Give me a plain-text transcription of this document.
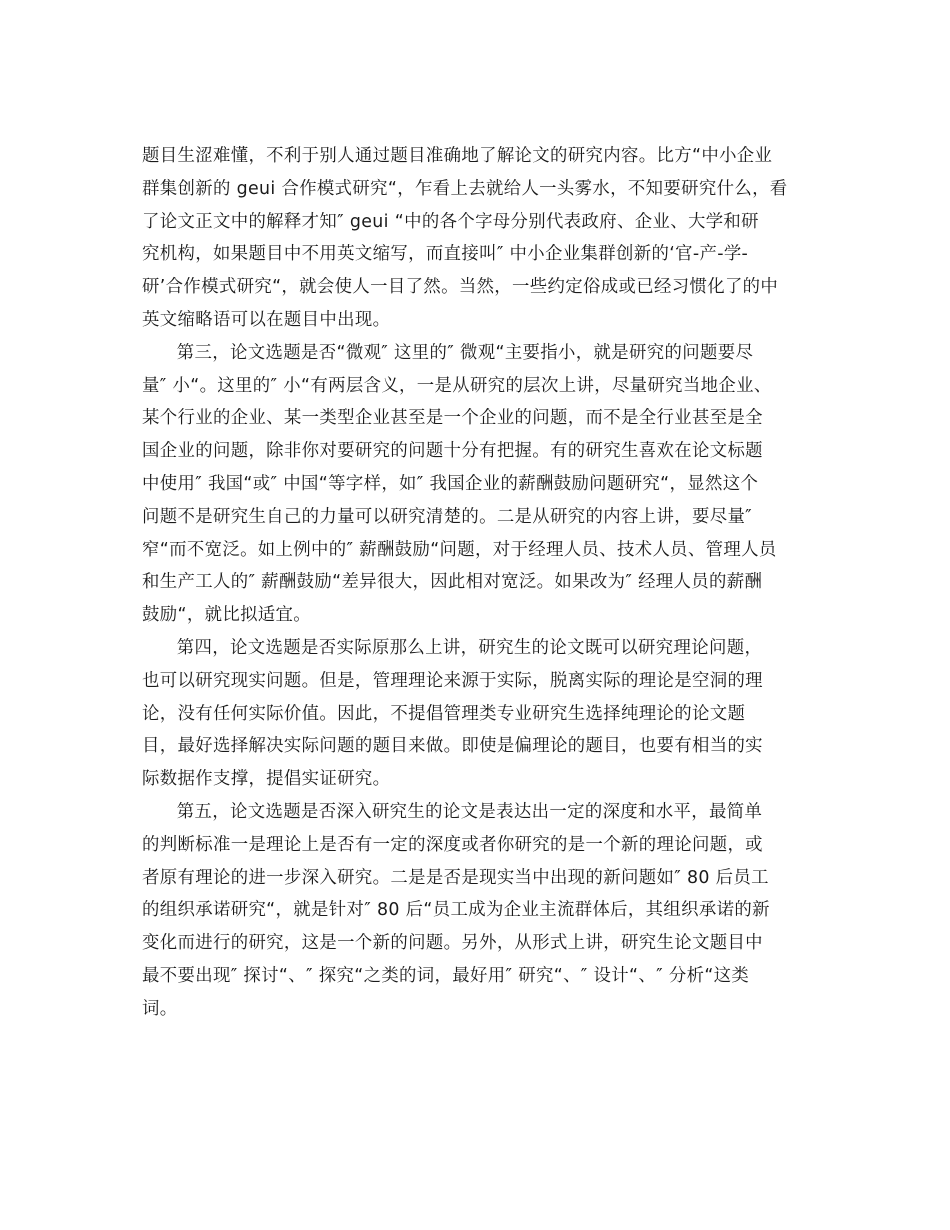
题目生涩难懂，不利于别人通过题目准确地了解论文的研究内容。比方“中小企业
群集创新的 geui 合作模式研究“，乍看上去就给人一头雾水，不知要研究什么，看
了论文正文中的解释才知″ geui “中的各个字母分别代表政府、企业、大学和研
究机构，如果题目中不用英文缩写，而直接叫″ 中小企业集群创新的‘官-产-学-
研’合作模式研究“，就会使人一目了然。当然，一些约定俗成或已经习惯化了的中
英文缩略语可以在题目中出现。
第三，论文选题是否“微观″ 这里的″ 微观“主要指小，就是研究的问题要尽
量″ 小“。这里的″ 小“有两层含义，一是从研究的层次上讲，尽量研究当地企业、
某个行业的企业、某一类型企业甚至是一个企业的问题，而不是全行业甚至是全
国企业的问题，除非你对要研究的问题十分有把握。有的研究生喜欢在论文标题
中使用″ 我国“或″ 中国“等字样，如″ 我国企业的薪酬鼓励问题研究“，显然这个
问题不是研究生自己的力量可以研究清楚的。二是从研究的内容上讲，要尽量″
窄“而不宽泛。如上例中的″ 薪酬鼓励“问题，对于经理人员、技术人员、管理人员
和生产工人的″ 薪酬鼓励“差异很大，因此相对宽泛。如果改为″ 经理人员的薪酬
鼓励“，就比拟适宜。
第四，论文选题是否实际原那么上讲，研究生的论文既可以研究理论问题，
也可以研究现实问题。但是，管理理论来源于实际，脱离实际的理论是空洞的理
论，没有任何实际价值。因此，不提倡管理类专业研究生选择纯理论的论文题
目，最好选择解决实际问题的题目来做。即使是偏理论的题目，也要有相当的实
际数据作支撑，提倡实证研究。
第五，论文选题是否深入研究生的论文是表达出一定的深度和水平，最简单
的判断标准一是理论上是否有一定的深度或者你研究的是一个新的理论问题，或
者原有理论的进一步深入研究。二是是否是现实当中出现的新问题如″ 80 后员工
的组织承诺研究“，就是针对″ 80 后“员工成为企业主流群体后，其组织承诺的新
变化而进行的研究，这是一个新的问题。另外，从形式上讲，研究生论文题目中
最不要出现″ 探讨“、″ 探究“之类的词，最好用″ 研究“、″ 设计“、″ 分析“这类
词。
